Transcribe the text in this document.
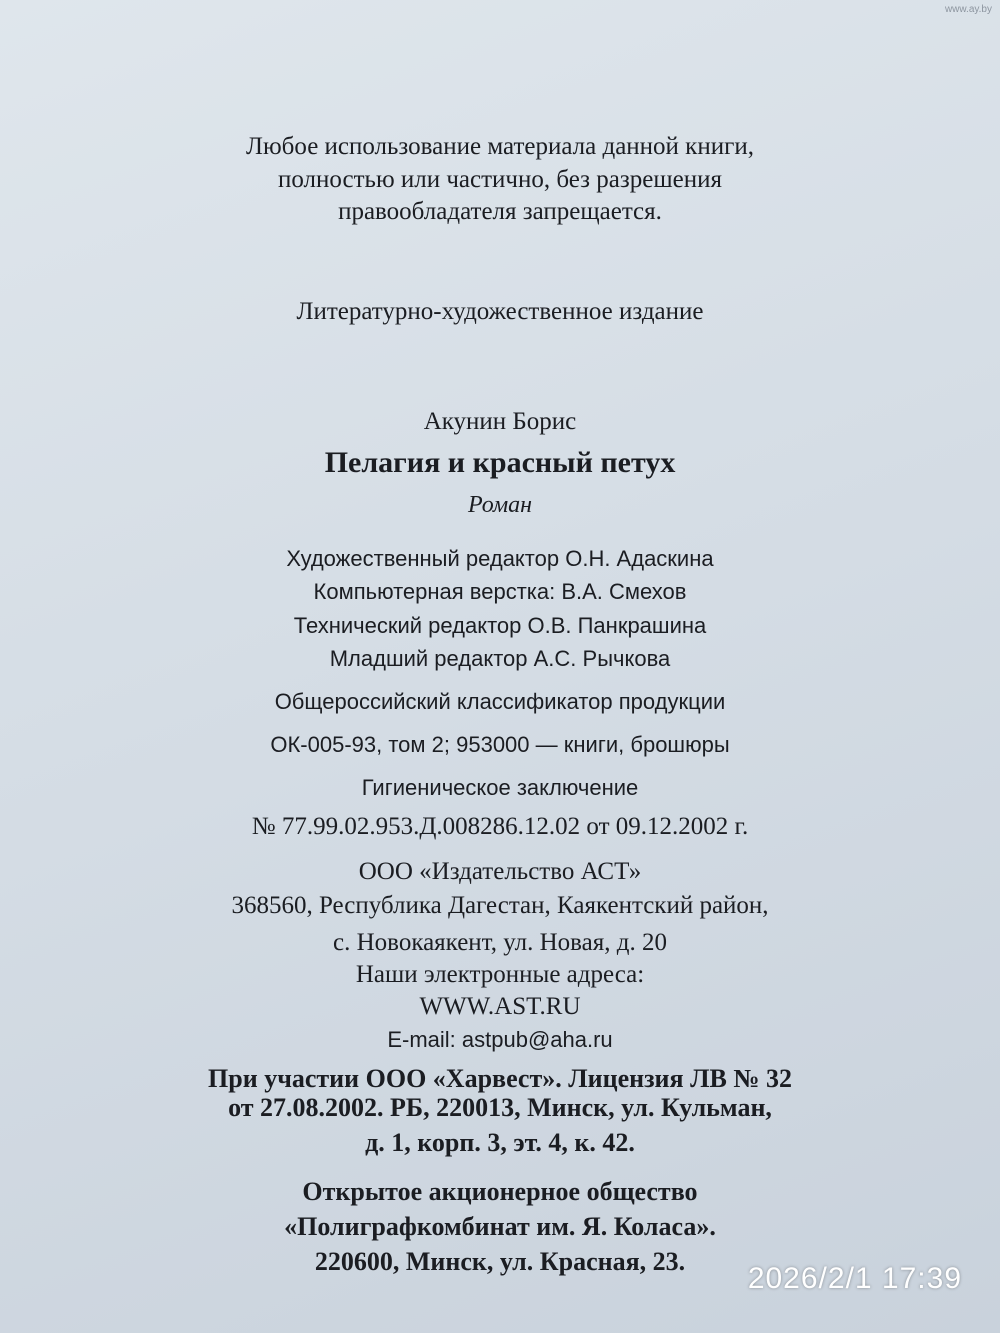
www.ay.by
Любое использование материала данной книги,
полностью или частично, без разрешения
правообладателя запрещается.
Литературно-художественное издание
Акунин Борис
Пелагия и красный петух
Роман
Художественный редактор О.Н. Адаскина
Компьютерная верстка: В.А. Смехов
Технический редактор О.В. Панкрашина
Младший редактор А.С. Рычкова
Общероссийский классификатор продукции
ОК-005-93, том 2; 953000 — книги, брошюры
Гигиеническое заключение
№ 77.99.02.953.Д.008286.12.02 от 09.12.2002 г.
ООО «Издательство АСТ»
368560, Республика Дагестан, Каякентский район,
с. Новокаякент, ул. Новая, д. 20
Наши электронные адреса:
WWW.AST.RU
E-mail: astpub@aha.ru
При участии ООО «Харвест». Лицензия ЛВ № 32
от 27.08.2002. РБ, 220013, Минск, ул. Кульман,
д. 1, корп. 3, эт. 4, к. 42.
Открытое акционерное общество
«Полиграфкомбинат им. Я. Коласа».
220600, Минск, ул. Красная, 23.
2026/2/1 17:39
